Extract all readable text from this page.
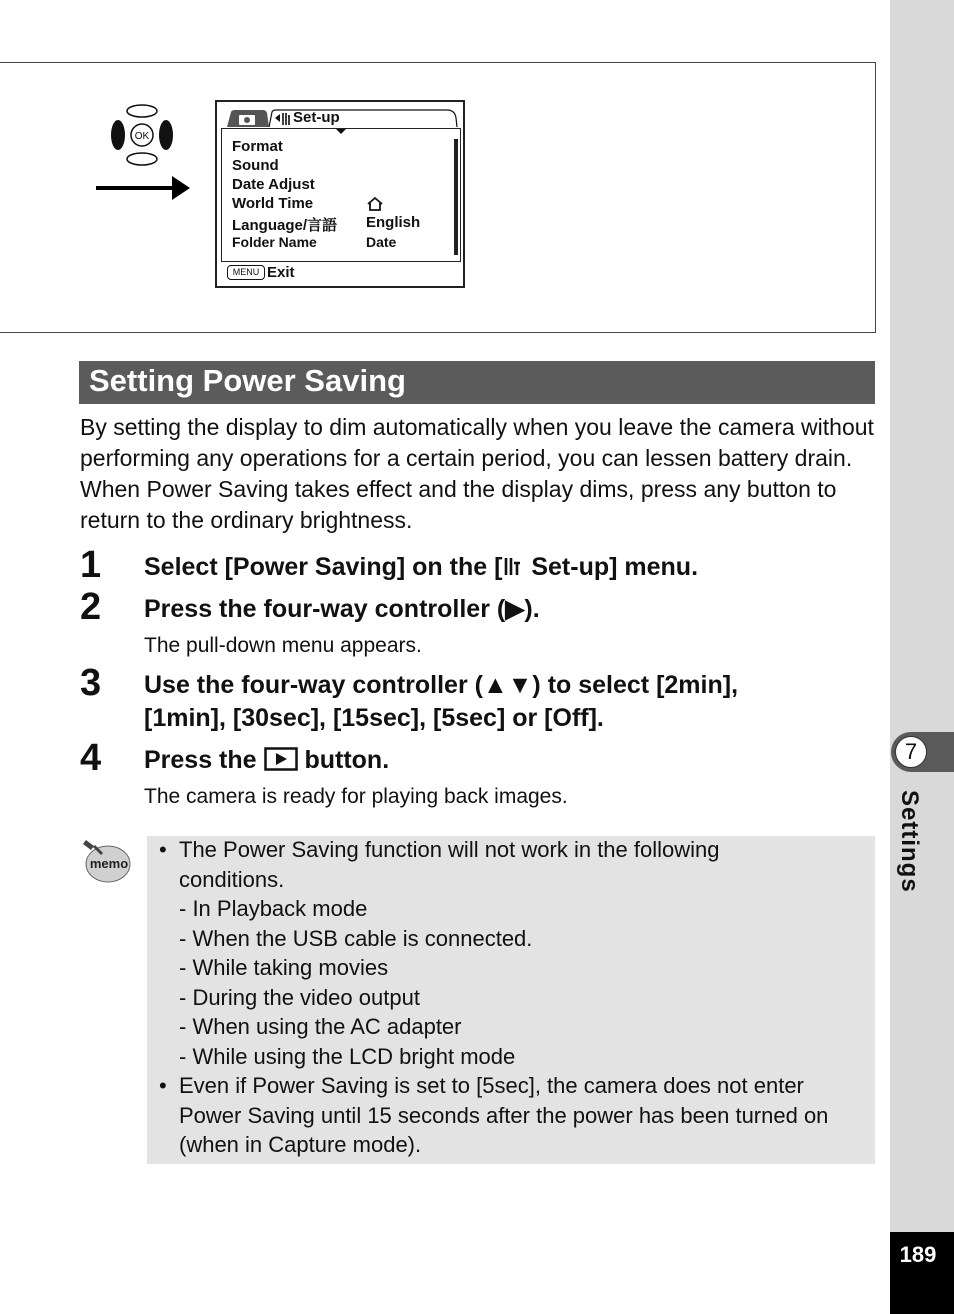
7
Settings
189
OK
Set-up
Format
Sound
Date Adjust
World Time
Language/言語 English
Folder Name	Date
MENU Exit
Setting Power Saving
By setting the display to dim automatically when you leave the camera without performing any operations for a certain period, you can lessen battery drain. When Power Saving takes effect and the display dims, press any button to return to the ordinary brightness.
1 Select [Power Saving] on the [ Set-up] menu.
2 Press the four-way controller (▶).
The pull-down menu appears.
3 Use the four-way controller (▲▼) to select [2min],
[1min], [30sec], [15sec], [5sec] or [Off].
4 Press the  button.
The camera is ready for playing back images.
memo
• The Power Saving function will not work in the following
conditions.
- In Playback mode
- When the USB cable is connected.
- While taking movies
- During the video output
- When using the AC adapter
- While using the LCD bright mode
• Even if Power Saving is set to [5sec], the camera does not enter
Power Saving until 15 seconds after the power has been turned on
(when in Capture mode).
